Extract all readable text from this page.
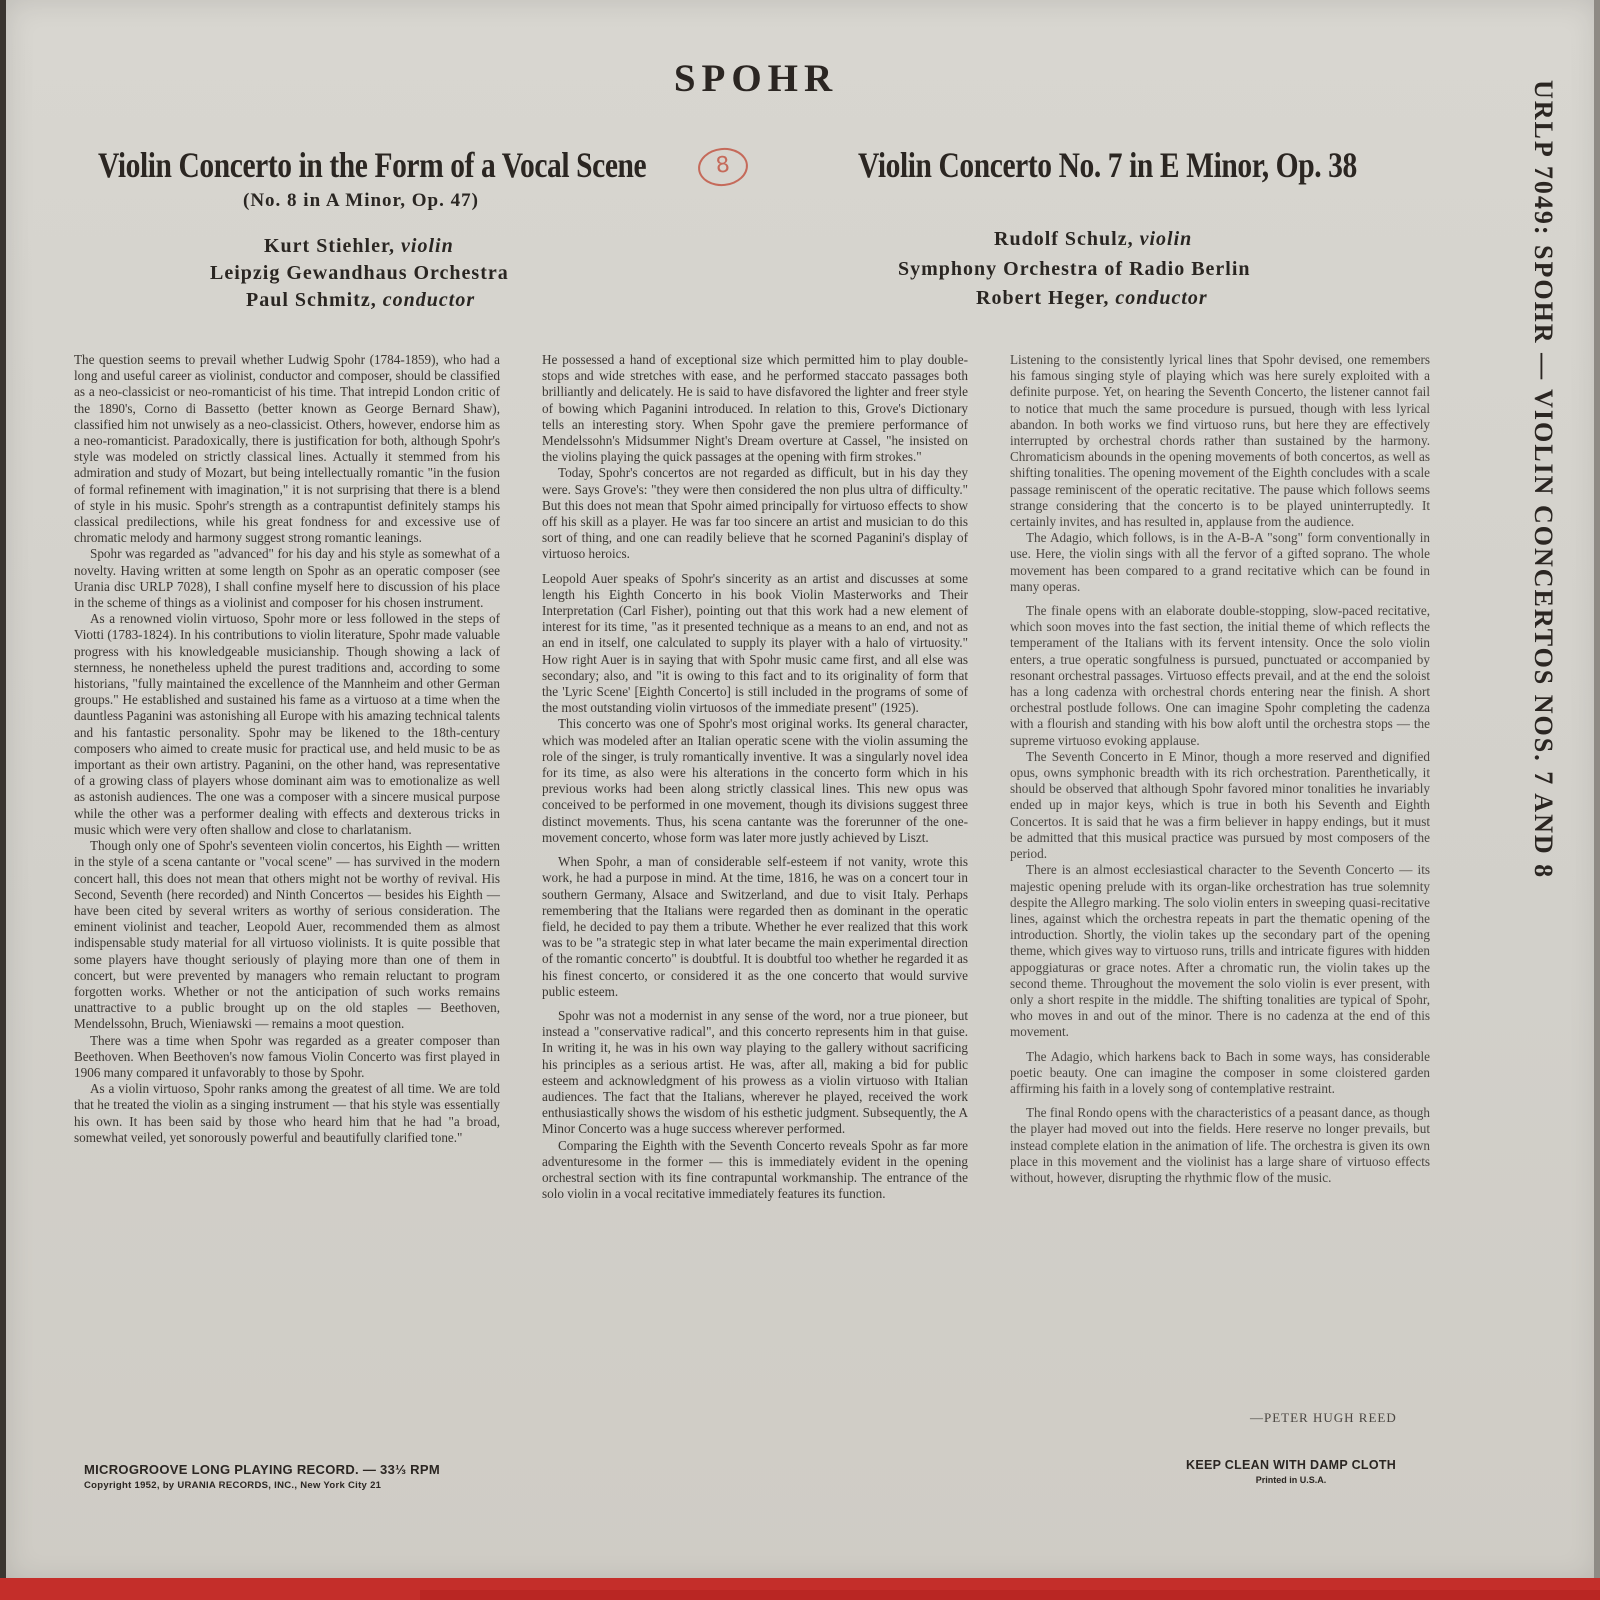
SPOHR
Violin Concerto in the Form of a Vocal Scene	8
(No. 8 in A Minor, Op. 47)
Violin Concerto No. 7 in E Minor, Op. 38
Kurt Stiehler, violin
Leipzig Gewandhaus Orchestra
Paul Schmitz, conductor
Rudolf Schulz, violin
Symphony Orchestra of Radio Berlin
Robert Heger, conductor

The question seems to prevail whether Ludwig Spohr (1784-1859), who had a long and useful career as violinist, conductor and composer, should be classified as a neo-classicist or neo-romanticist of his time. That intrepid London critic of the 1890's, Corno di Bassetto (better known as George Bernard Shaw), classified him not unwisely as a neo-classicist. Others, however, endorse him as a neo-romanticist. Paradoxically, there is justification for both, although Spohr's style was modeled on strictly classical lines. Actually it stemmed from his admiration and study of Mozart, but being intellectually romantic "in the fusion of formal refinement with imagination," it is not surprising that there is a blend of style in his music. Spohr's strength as a contrapuntist definitely stamps his classical predilections, while his great fondness for and excessive use of chromatic melody and harmony suggest strong romantic leanings.

Spohr was regarded as "advanced" for his day and his style as somewhat of a novelty. Having written at some length on Spohr as an operatic composer (see Urania disc URLP 7028), I shall confine myself here to discussion of his place in the scheme of things as a violinist and composer for his chosen instrument.

As a renowned violin virtuoso, Spohr more or less followed in the steps of Viotti (1783-1824). In his contributions to violin literature, Spohr made valuable progress with his knowledgeable musicianship. Though showing a lack of sternness, he nonetheless upheld the purest traditions and, according to some historians, "fully maintained the excellence of the Mannheim and other German groups." He established and sustained his fame as a virtuoso at a time when the dauntless Paganini was astonishing all Europe with his amazing technical talents and his fantastic personality. Spohr may be likened to the 18th-century composers who aimed to create music for practical use, and held music to be as important as their own artistry. Paganini, on the other hand, was representative of a growing class of players whose dominant aim was to emotionalize as well as astonish audiences. The one was a composer with a sincere musical purpose while the other was a performer dealing with effects and dexterous tricks in music which were very often shallow and close to charlatanism.

Though only one of Spohr's seventeen violin concertos, his Eighth — written in the style of a scena cantante or "vocal scene" — has survived in the modern concert hall, this does not mean that others might not be worthy of revival. His Second, Seventh (here recorded) and Ninth Concertos — besides his Eighth — have been cited by several writers as worthy of serious consideration. The eminent violinist and teacher, Leopold Auer, recommended them as almost indispensable study material for all virtuoso violinists. It is quite possible that some players have thought seriously of playing more than one of them in concert, but were prevented by managers who remain reluctant to program forgotten works. Whether or not the anticipation of such works remains unattractive to a public brought up on the old staples — Beethoven, Mendelssohn, Bruch, Wieniawski — remains a moot question.

There was a time when Spohr was regarded as a greater composer than Beethoven. When Beethoven's now famous Violin Concerto was first played in 1906 many compared it unfavorably to those by Spohr.

As a violin virtuoso, Spohr ranks among the greatest of all time. We are told that he treated the violin as a singing instrument — that his style was essentially his own. It has been said by those who heard him that he had "a broad, somewhat veiled, yet sonorously powerful and beautifully clarified tone."

He possessed a hand of exceptional size which permitted him to play double-stops and wide stretches with ease, and he performed staccato passages both brilliantly and delicately. He is said to have disfavored the lighter and freer style of bowing which Paganini introduced. In relation to this, Grove's Dictionary tells an interesting story. When Spohr gave the premiere performance of Mendelssohn's Midsummer Night's Dream overture at Cassel, "he insisted on the violins playing the quick passages at the opening with firm strokes."

Today, Spohr's concertos are not regarded as difficult, but in his day they were. Says Grove's: "they were then considered the non plus ultra of difficulty." But this does not mean that Spohr aimed principally for virtuoso effects to show off his skill as a player. He was far too sincere an artist and musician to do this sort of thing, and one can readily believe that he scorned Paganini's display of virtuoso heroics.

Leopold Auer speaks of Spohr's sincerity as an artist and discusses at some length his Eighth Concerto in his book Violin Masterworks and Their Interpretation (Carl Fisher), pointing out that this work had a new element of interest for its time, "as it presented technique as a means to an end, and not as an end in itself, one calculated to supply its player with a halo of virtuosity." How right Auer is in saying that with Spohr music came first, and all else was secondary; also, and "it is owing to this fact and to its originality of form that the 'Lyric Scene' [Eighth Concerto] is still included in the programs of some of the most outstanding violin virtuosos of the immediate present" (1925).

This concerto was one of Spohr's most original works. Its general character, which was modeled after an Italian operatic scene with the violin assuming the role of the singer, is truly romantically inventive. It was a singularly novel idea for its time, as also were his alterations in the concerto form which in his previous works had been along strictly classical lines. This new opus was conceived to be performed in one movement, though its divisions suggest three distinct movements. Thus, his scena cantante was the forerunner of the one-movement concerto, whose form was later more justly achieved by Liszt.

When Spohr, a man of considerable self-esteem if not vanity, wrote this work, he had a purpose in mind. At the time, 1816, he was on a concert tour in southern Germany, Alsace and Switzerland, and due to visit Italy. Perhaps remembering that the Italians were regarded then as dominant in the operatic field, he decided to pay them a tribute. Whether he ever realized that this work was to be "a strategic step in what later became the main experimental direction of the romantic concerto" is doubtful. It is doubtful too whether he regarded it as his finest concerto, or considered it as the one concerto that would survive public esteem.

Spohr was not a modernist in any sense of the word, nor a true pioneer, but instead a "conservative radical", and this concerto represents him in that guise. In writing it, he was in his own way playing to the gallery without sacrificing his principles as a serious artist. He was, after all, making a bid for public esteem and acknowledgment of his prowess as a violin virtuoso with Italian audiences. The fact that the Italians, wherever he played, received the work enthusiastically shows the wisdom of his esthetic judgment. Subsequently, the A Minor Concerto was a huge success wherever performed.

Comparing the Eighth with the Seventh Concerto reveals Spohr as far more adventuresome in the former — this is immediately evident in the opening orchestral section with its fine contrapuntal workmanship. The entrance of the solo violin in a vocal recitative immediately features its function.

Listening to the consistently lyrical lines that Spohr devised, one remembers his famous singing style of playing which was here surely exploited with a definite purpose. Yet, on hearing the Seventh Concerto, the listener cannot fail to notice that much the same procedure is pursued, though with less lyrical abandon. In both works we find virtuoso runs, but here they are effectively interrupted by orchestral chords rather than sustained by the harmony. Chromaticism abounds in the opening movements of both concertos, as well as shifting tonalities. The opening movement of the Eighth concludes with a scale passage reminiscent of the operatic recitative. The pause which follows seems strange considering that the concerto is to be played uninterruptedly. It certainly invites, and has resulted in, applause from the audience.

The Adagio, which follows, is in the A-B-A "song" form conventionally in use. Here, the violin sings with all the fervor of a gifted soprano. The whole movement has been compared to a grand recitative which can be found in many operas.

The finale opens with an elaborate double-stopping, slow-paced recitative, which soon moves into the fast section, the initial theme of which reflects the temperament of the Italians with its fervent intensity. Once the solo violin enters, a true operatic songfulness is pursued, punctuated or accompanied by resonant orchestral passages. Virtuoso effects prevail, and at the end the soloist has a long cadenza with orchestral chords entering near the finish. A short orchestral postlude follows. One can imagine Spohr completing the cadenza with a flourish and standing with his bow aloft until the orchestra stops — the supreme virtuoso evoking applause.

The Seventh Concerto in E Minor, though a more reserved and dignified opus, owns symphonic breadth with its rich orchestration. Parenthetically, it should be observed that although Spohr favored minor tonalities he invariably ended up in major keys, which is true in both his Seventh and Eighth Concertos. It is said that he was a firm believer in happy endings, but it must be admitted that this musical practice was pursued by most composers of the period.

There is an almost ecclesiastical character to the Seventh Concerto — its majestic opening prelude with its organ-like orchestration has true solemnity despite the Allegro marking. The solo violin enters in sweeping quasi-recitative lines, against which the orchestra repeats in part the thematic opening of the introduction. Shortly, the violin takes up the secondary part of the opening theme, which gives way to virtuoso runs, trills and intricate figures with hidden appoggiaturas or grace notes. After a chromatic run, the violin takes up the second theme. Throughout the movement the solo violin is ever present, with only a short respite in the middle. The shifting tonalities are typical of Spohr, who moves in and out of the minor. There is no cadenza at the end of this movement.

The Adagio, which harkens back to Bach in some ways, has considerable poetic beauty. One can imagine the composer in some cloistered garden affirming his faith in a lovely song of contemplative restraint.

The final Rondo opens with the characteristics of a peasant dance, as though the player had moved out into the fields. Here reserve no longer prevails, but instead complete elation in the animation of life. The orchestra is given its own place in this movement and the violinist has a large share of virtuoso effects without, however, disrupting the rhythmic flow of the music.

—PETER HUGH REED
MICROGROOVE LONG PLAYING RECORD. — 33⅓ RPM
Copyright 1952, by URANIA RECORDS, INC., New York City 21
KEEP CLEAN WITH DAMP CLOTH
Printed in U.S.A.
URLP 7049: SPOHR — VIOLIN CONCERTOS NOS. 7 AND 8
